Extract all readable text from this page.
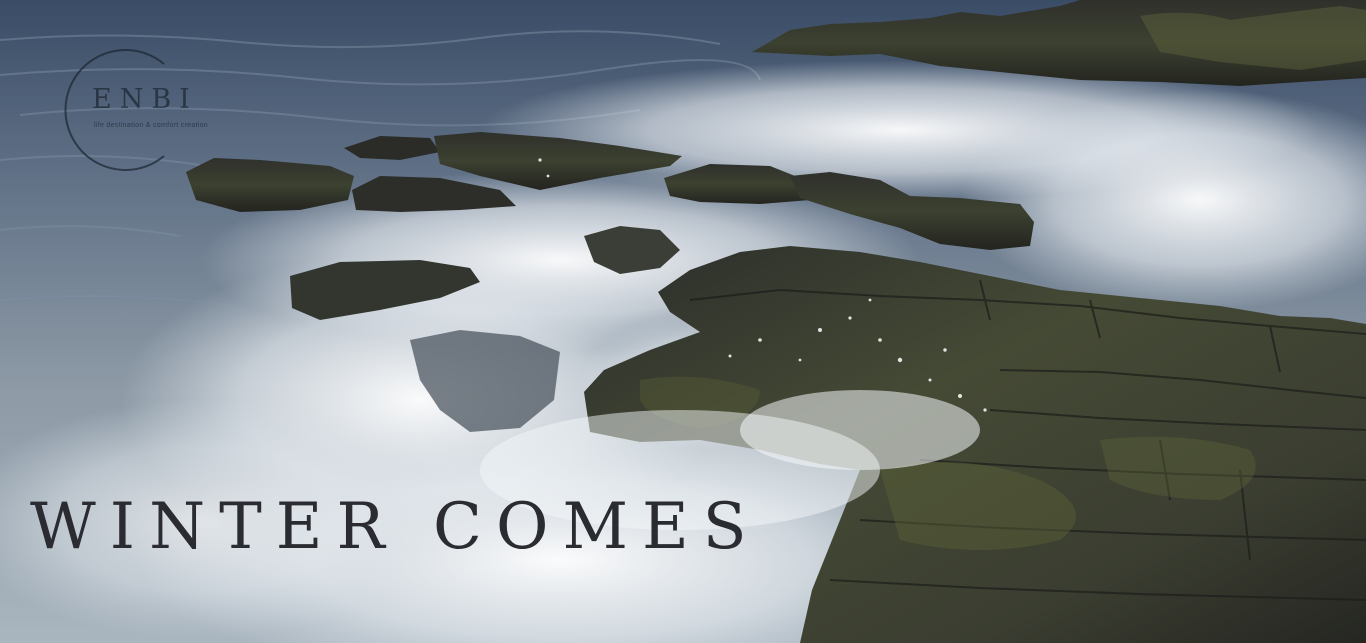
ENBI
life destination & comfort creation
WINTER COMES
